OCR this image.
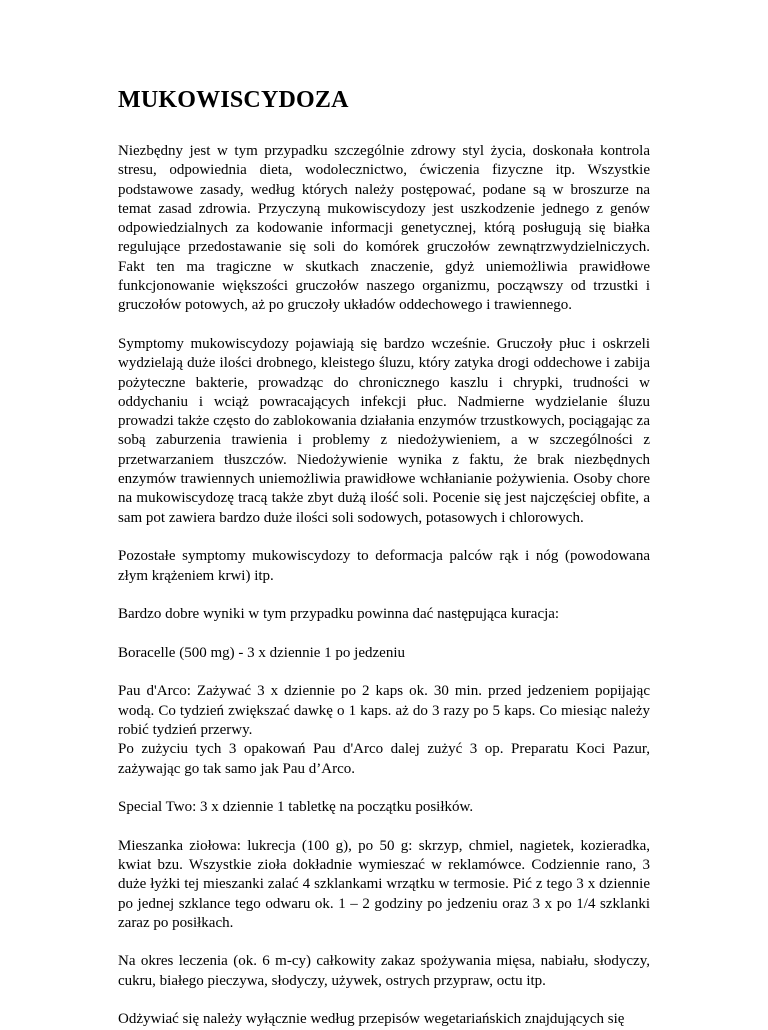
MUKOWISCYDOZA

Niezbędny jest w tym przypadku szczególnie zdrowy styl życia, doskonała kontrola stresu, odpowiednia dieta, wodolecznictwo, ćwiczenia fizyczne itp. Wszystkie podstawowe zasady, według których należy postępować, podane są w broszurze na temat zasad zdrowia. Przyczyną mukowiscydozy jest uszkodzenie jednego z genów odpowiedzialnych za kodowanie informacji genetycznej, którą posługują się białka regulujące przedostawanie się soli do komórek gruczołów zewnątrzwydzielniczych. Fakt ten ma tragiczne w skutkach znaczenie, gdyż uniemożliwia prawidłowe funkcjonowanie większości gruczołów naszego organizmu, począwszy od trzustki i gruczołów potowych, aż po gruczoły układów oddechowego i trawiennego.

Symptomy mukowiscydozy pojawiają się bardzo wcześnie. Gruczoły płuc i oskrzeli wydzielają duże ilości drobnego, kleistego śluzu, który zatyka drogi oddechowe i zabija pożyteczne bakterie, prowadząc do chronicznego kaszlu i chrypki, trudności w oddychaniu i wciąż powracających infekcji płuc. Nadmierne wydzielanie śluzu prowadzi także często do zablokowania działania enzymów trzustkowych, pociągając za sobą zaburzenia trawienia i problemy z niedożywieniem, a w szczególności z przetwarzaniem tłuszczów. Niedożywienie wynika z faktu, że brak niezbędnych enzymów trawiennych uniemożliwia prawidłowe wchłanianie pożywienia. Osoby chore na mukowiscydozę tracą także zbyt dużą ilość soli. Pocenie się jest najczęściej obfite, a sam pot zawiera bardzo duże ilości soli sodowych, potasowych i chlorowych.

Pozostałe symptomy mukowiscydozy to deformacja palców rąk i nóg (powodowana złym krążeniem krwi) itp.

Bardzo dobre wyniki w tym przypadku powinna dać następująca kuracja:

Boracelle (500 mg) - 3 x dziennie 1 po jedzeniu

Pau d'Arco: Zażywać 3 x dziennie po 2 kaps ok. 30 min. przed jedzeniem popijając wodą. Co tydzień zwiększać dawkę o 1 kaps. aż do 3 razy po 5 kaps. Co miesiąc należy robić tydzień przerwy.

Po zużyciu tych 3 opakowań Pau d'Arco dalej zużyć 3 op. Preparatu Koci Pazur, zażywając go tak samo jak Pau d’Arco.

Special Two: 3 x dziennie 1 tabletkę na początku posiłków.

Mieszanka ziołowa: lukrecja (100 g), po 50 g: skrzyp, chmiel, nagietek, kozieradka, kwiat bzu. Wszystkie zioła dokładnie wymieszać w reklamówce. Codziennie rano, 3 duże łyżki tej mieszanki zalać 4 szklankami wrzątku w termosie. Pić z tego 3 x dziennie po jednej szklance tego odwaru ok. 1 – 2 godziny po jedzeniu oraz 3 x po 1/4 szklanki zaraz po posiłkach.

Na okres leczenia (ok. 6 m-cy) całkowity zakaz spożywania mięsa, nabiału, słodyczy, cukru, białego pieczywa, słodyczy, używek, ostrych przypraw, octu itp.

Odżywiać się należy wyłącznie według przepisów wegetariańskich znajdujących się
